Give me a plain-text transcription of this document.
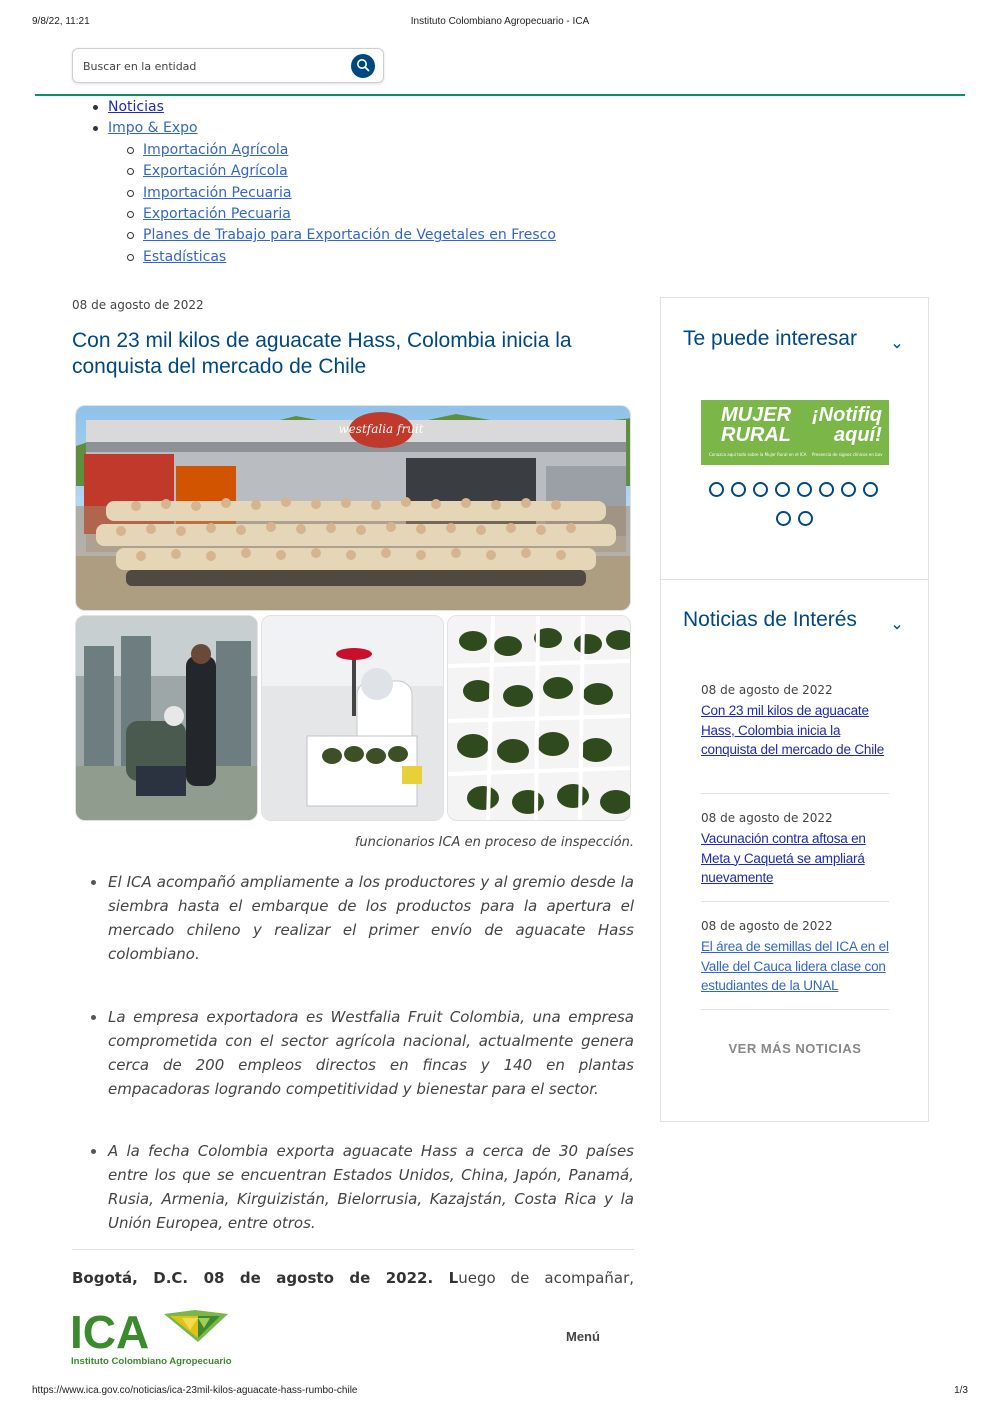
9/8/22, 11:21	Instituto Colombiano Agropecuario - ICA
Buscar en la entidad
Noticias
Impo & Expo
Importación Agrícola
Exportación Agrícola
Importación Pecuaria
Exportación Pecuaria
Planes de Trabajo para Exportación de Vegetales en Fresco
Estadísticas
08 de agosto de 2022
Con 23 mil kilos de aguacate Hass, Colombia inicia la conquista del mercado de Chile
westfalia fruit
funcionarios ICA en proceso de inspección.
El ICA acompañó ampliamente a los productores y al gremio desde la siembra hasta el embarque de los productos para la apertura el mercado chileno y realizar el primer envío de aguacate Hass colombiano.
La empresa exportadora es Westfalia Fruit Colombia, una empresa comprometida con el sector agrícola nacional, actualmente genera cerca de 200 empleos directos en fincas y 140 en plantas empacadoras logrando competitividad y bienestar para el sector.
A la fecha Colombia exporta aguacate Hass a cerca de 30 países entre los que se encuentran Estados Unidos, China, Japón, Panamá, Rusia, Armenia, Kirguizistán, Bielorrusia, Kazajstán, Costa Rica y la Unión Europea, entre otros.
Bogotá, D.C. 08 de agosto de 2022. Luego de acompañar,
ICA
Instituto Colombiano Agropecuario
Menú
Te puede interesar
MUJER
RURAL
Conozca aquí todo sobre la Mujer Rural en el ICA
¡Notifiq
aquí!
Presencia de signos clínicos en bov
Noticias de Interés
08 de agosto de 2022
Con 23 mil kilos de aguacate Hass, Colombia inicia la conquista del mercado de Chile
08 de agosto de 2022
Vacunación contra aftosa en Meta y Caquetá se ampliará nuevamente
08 de agosto de 2022
El área de semillas del ICA en el Valle del Cauca lidera clase con estudiantes de la UNAL
VER MÁS NOTICIAS
https://www.ica.gov.co/noticias/ica-23mil-kilos-aguacate-hass-rumbo-chile	1/3
